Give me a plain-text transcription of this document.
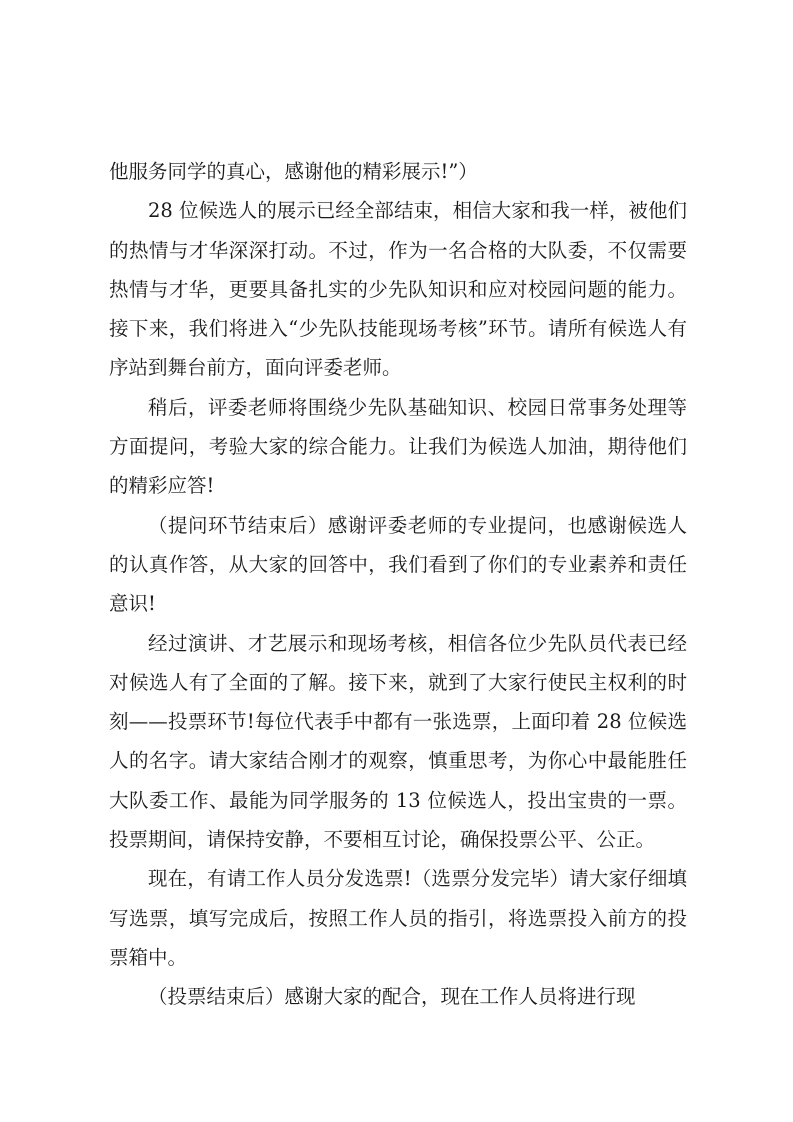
他服务同学的真心，感谢他的精彩展示!”）

28 位候选人的展示已经全部结束，相信大家和我一样，被他们的热情与才华深深打动。不过，作为一名合格的大队委，不仅需要热情与才华，更要具备扎实的少先队知识和应对校园问题的能力。接下来，我们将进入“少先队技能现场考核”环节。请所有候选人有序站到舞台前方，面向评委老师。

稍后，评委老师将围绕少先队基础知识、校园日常事务处理等方面提问，考验大家的综合能力。让我们为候选人加油，期待他们的精彩应答!

（提问环节结束后）感谢评委老师的专业提问，也感谢候选人的认真作答，从大家的回答中，我们看到了你们的专业素养和责任意识!

经过演讲、才艺展示和现场考核，相信各位少先队员代表已经对候选人有了全面的了解。接下来，就到了大家行使民主权利的时刻——投票环节!每位代表手中都有一张选票，上面印着 28 位候选人的名字。请大家结合刚才的观察，慎重思考，为你心中最能胜任大队委工作、最能为同学服务的 13 位候选人，投出宝贵的一票。投票期间，请保持安静，不要相互讨论，确保投票公平、公正。

现在，有请工作人员分发选票!（选票分发完毕）请大家仔细填写选票，填写完成后，按照工作人员的指引，将选票投入前方的投票箱中。

（投票结束后）感谢大家的配合，现在工作人员将进行现
